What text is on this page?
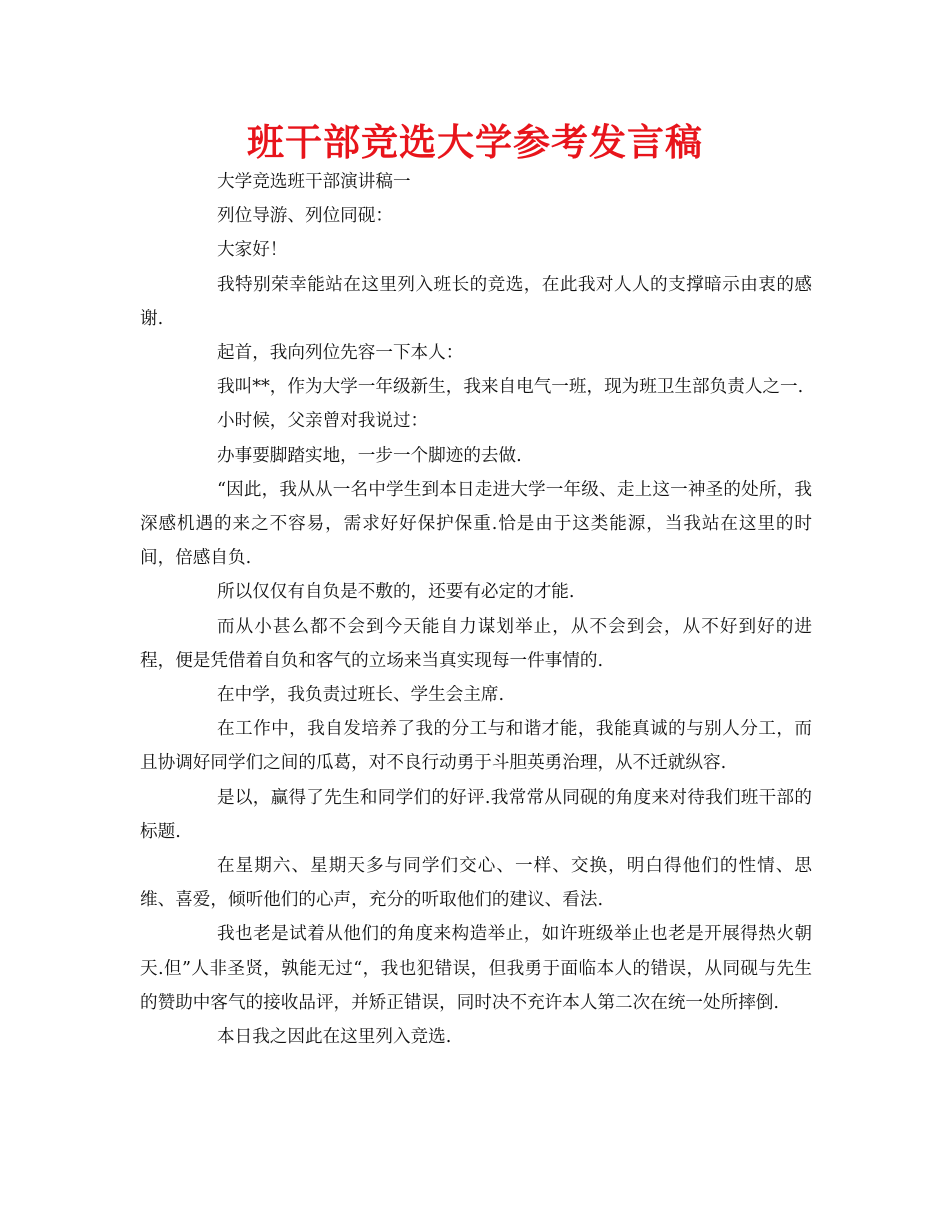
班干部竞选大学参考发言稿

大学竞选班干部演讲稿一

列位导游、列位同砚：

大家好！

我特别荣幸能站在这里列入班长的竞选，在此我对人人的支撑暗示由衷的感谢.

起首，我向列位先容一下本人：

我叫**，作为大学一年级新生，我来自电气一班，现为班卫生部负责人之一.

小时候，父亲曾对我说过：

办事要脚踏实地，一步一个脚迹的去做.

“因此，我从从一名中学生到本日走进大学一年级、走上这一神圣的处所，我深感机遇的来之不容易，需求好好保护保重.恰是由于这类能源，当我站在这里的时间，倍感自负.

所以仅仅有自负是不敷的，还要有必定的才能.

而从小甚么都不会到今天能自力谋划举止，从不会到会，从不好到好的进程，便是凭借着自负和客气的立场来当真实现每一件事情的.

在中学，我负责过班长、学生会主席.

在工作中，我自发培养了我的分工与和谐才能，我能真诚的与别人分工，而且协调好同学们之间的瓜葛，对不良行动勇于斗胆英勇治理，从不迁就纵容.

是以，赢得了先生和同学们的好评.我常常从同砚的角度来对待我们班干部的标题.

在星期六、星期天多与同学们交心、一样、交换，明白得他们的性情、思维、喜爱，倾听他们的心声，充分的听取他们的建议、看法.

我也老是试着从他们的角度来构造举止，如许班级举止也老是开展得热火朝天.但”人非圣贤，孰能无过“，我也犯错误，但我勇于面临本人的错误，从同砚与先生的赞助中客气的接收品评，并矫正错误，同时决不充许本人第二次在统一处所摔倒.

本日我之因此在这里列入竞选.
